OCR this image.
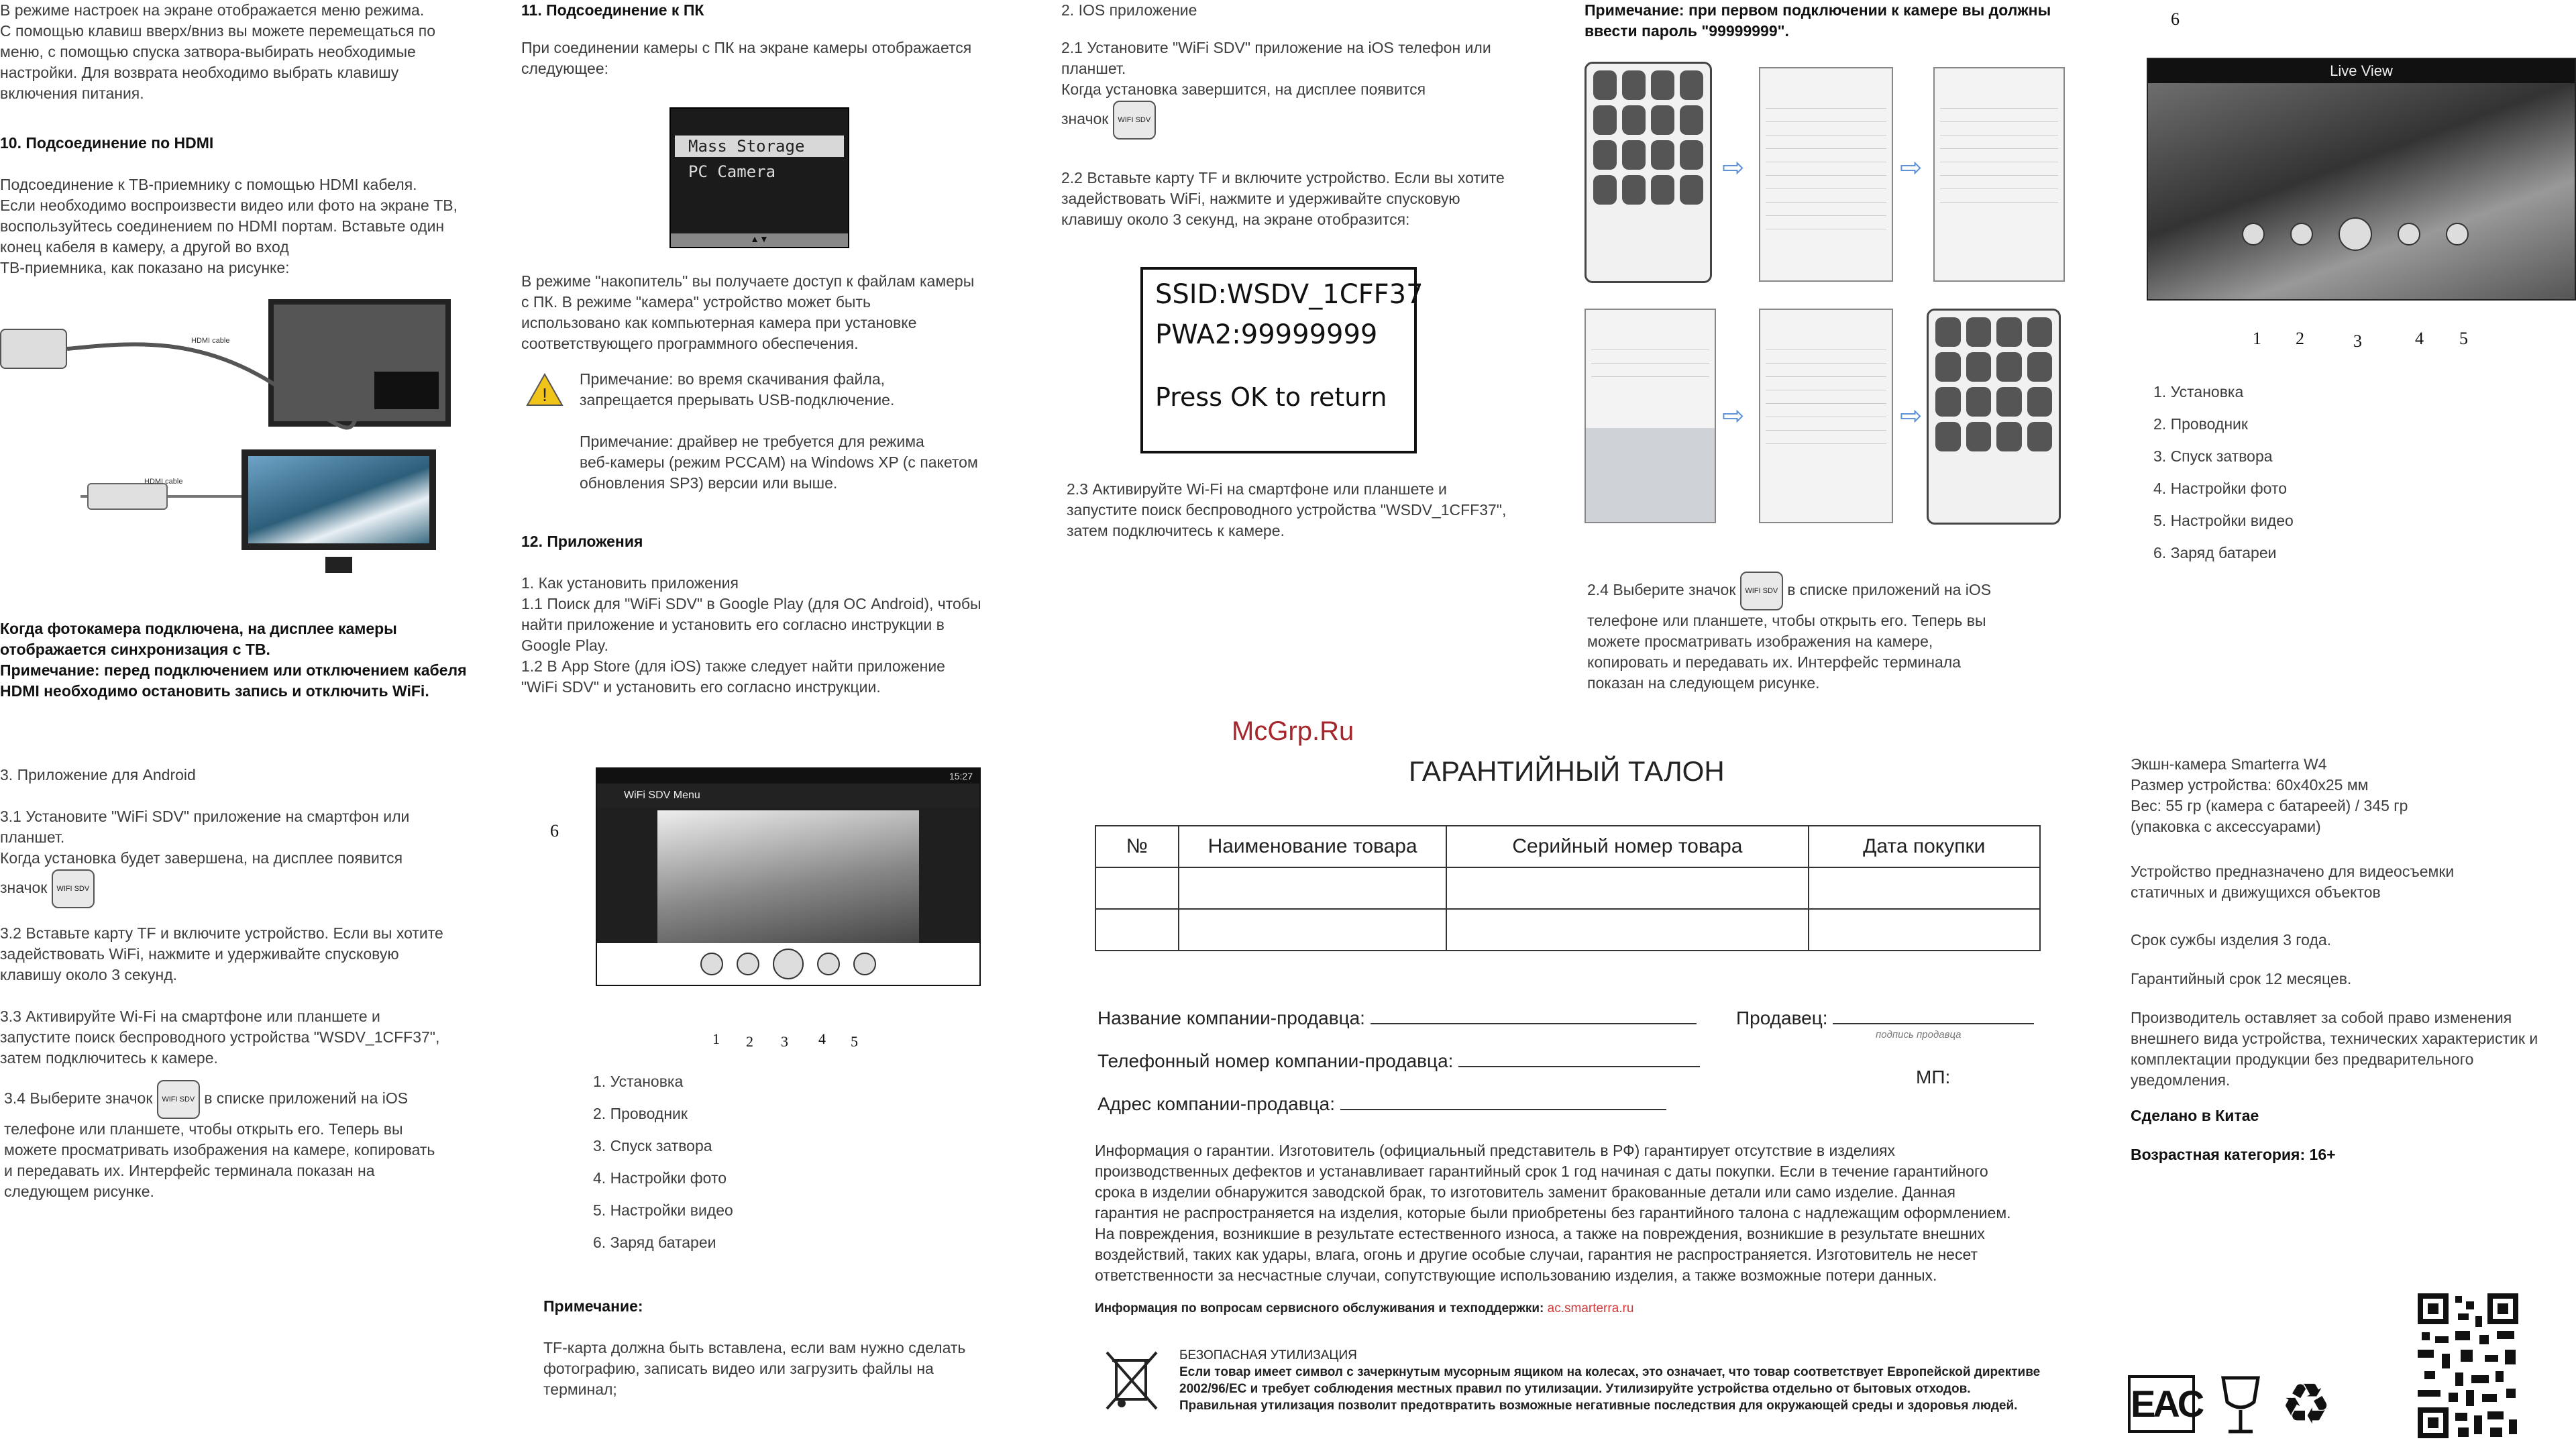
В режиме настроек на экране отображается меню режима.

С помощью клавиш вверх/вниз вы можете перемещаться по

меню, с помощью спуска затвора-выбирать необходимые

настройки. Для возврата необходимо выбрать клавишу

включения питания.

10. Подсоединение по HDMI

Подсоединение к ТВ-приемнику с помощью HDMI кабеля.

Если необходимо воспроизвести видео или фото на экране ТВ,

воспользуйтесь соединением по HDMI портам. Вставьте один

конец кабеля в камеру, а другой во вход

ТВ-приемника, как показано на рисунке:

HDMI cable
HDMI cable

Когда фотокамера подключена, на дисплее камеры

отображается синхронизация с ТВ.

Примечание: перед подключением или отключением кабеля

HDMI необходимо остановить запись и отключить WiFi.

11. Подсоединение к ПК

При соединении камеры с ПК на экране камеры отображается

следующее:

Mass Storage
PC Camera
▲▼

В режиме "накопитель" вы получаете доступ к файлам камеры

с ПК. В режиме "камера" устройство может быть

использовано как компьютерная камера при установке

соответствующего программного обеспечения.

!

Примечание: во время скачивания файла,

запрещается прерывать USB-подключение.

Примечание: драйвер не требуется для режима

веб-камеры (режим PCCAM) на Windows XP (с пакетом

обновления SP3) версии или выше.

12. Приложения

1. Как установить приложения

1.1 Поиск для "WiFi SDV" в Google Play (для ОС Android), чтобы

найти приложение и установить его согласно инструкции в

Google Play.

1.2 В App Store (для iOS) также следует найти приложение

"WiFi SDV" и установить его согласно инструкции.

2. IOS приложение

2.1 Установите "WiFi SDV" приложение на iOS телефон или

планшет.

Когда установка завершится, на дисплее появится

значок WIFI SDV

2.2 Вставьте карту TF и включите устройство. Если вы хотите

задействовать WiFi, нажмите и удерживайте спусковую

клавишу около 3 секунд, на экране отобразится:

SSID:WSDV_1CFF37
PWA2:99999999
Press OK to return

2.3 Активируйте Wi-Fi на смартфоне или планшете и

запустите поиск беспроводного устройства "WSDV_1CFF37",

затем подключитесь к камере.

Примечание: при первом подключении к камере вы должны

ввести пароль "99999999".

⇨	⇨
⇨	⇨

2.4 Выберите значок WIFI SDV в списке приложений на iOS

телефоне или планшете, чтобы открыть его. Теперь вы

можете просматривать изображения на камере,

копировать и передавать их. Интерфейс терминала

показан на следующем рисунке.

6
Live View
1 2	3	4 5
1. Установка
2. Проводник
3. Спуск затвора
4. Настройки фото
5. Настройки видео
6. Заряд батареи
McGrp.Ru
3. Приложение для Android

3.1 Установите "WiFi SDV" приложение на смартфон или

планшет.

Когда установка будет завершена, на дисплее появится

значок WIFI SDV

3.2 Вставьте карту TF и включите устройство. Если вы хотите

задействовать WiFi, нажмите и удерживайте спусковую

клавишу около 3 секунд.

3.3 Активируйте Wi-Fi на смартфоне или планшете и

запустите поиск беспроводного устройства "WSDV_1CFF37",

затем подключитесь к камере.

3.4 Выберите значок WIFI SDV в списке приложений на iOS

телефоне или планшете, чтобы открыть его. Теперь вы

можете просматривать изображения на камере, копировать

и передавать их. Интерфейс терминала показан на

следующем рисунке.

6
15:27
WiFi SDV Menu
1 2 3 4 5
1. Установка
2. Проводник
3. Спуск затвора
4. Настройки фото
5. Настройки видео
6. Заряд батареи
Примечание:

TF-карта должна быть вставлена, если вам нужно сделать

фотографию, записать видео или загрузить файлы на

терминал;

ГАРАНТИЙНЫЙ ТАЛОН
№	Наименование товара	Серийный номер товара	Дата покупки

Название компании-продавца:	Продавец:
подпись продавца
Телефонный номер компании-продавца:
Адрес компании-продавца:
МП:

Информация о гарантии. Изготовитель (официальный представитель в РФ) гарантирует отсутствие в изделиях

производственных дефектов и устанавливает гарантийный срок 1 год начиная с даты покупки. Если в течение гарантийного

срока в изделии обнаружится заводской брак, то изготовитель заменит бракованные детали или само изделие. Данная

гарантия не распространяется на изделия, которые были приобретены без гарантийного талона с надлежащим оформлением.

На повреждения, возникшие в результате естественного износа, а также на повреждения, возникшие в результате внешних

воздействий, таких как удары, влага, огонь и другие особые случаи, гарантия не распространяется. Изготовитель не несет

ответственности за несчастные случаи, сопутствующие использованию изделия, а также возможные потери данных.

Информация по вопросам сервисного обслуживания и техподдержки: ac.smarterra.ru

БЕЗОПАСНАЯ УТИЛИЗАЦИЯ

Если товар имеет символ с зачеркнутым мусорным ящиком на колесах, это означает, что товар соответствует Европейской директиве

2002/96/ЕС и требует соблюдения местных правил по утилизации. Утилизируйте устройства отдельно от бытовых отходов.

Правильная утилизация позволит предотвратить возможные негативные последствия для окружающей среды и здоровья людей.

Экшн-камера Smarterra W4

Размер устройства: 60x40x25 мм

Вес: 55 гр (камера с батареей) / 345 гр

(упаковка с аксессуарами)

Устройство предназначено для видеосъемки

статичных и движущихся объектов

Срок сужбы изделия 3 года.
Гарантийный срок 12 месяцев.

Производитель оставляет за собой право изменения

внешнего вида устройства, технических характеристик и

комплектации продукции без предварительного

уведомления.

Сделано в Китае
Возрастная категория: 16+
EAC ♻
